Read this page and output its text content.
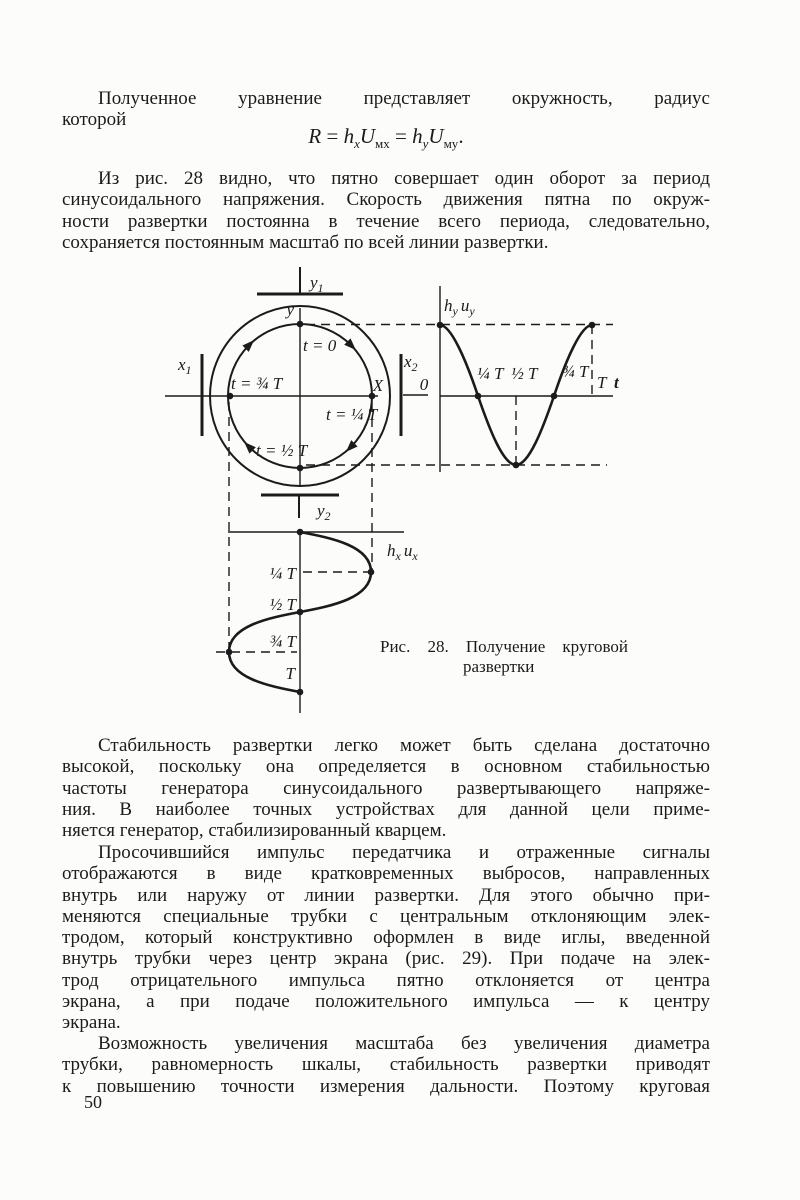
$y_1$
$x_1$	$x_2$
$y_2$
y
X 0
t = 0
t = ¾ T
t = ¼ T
t = ½ T
$h_y$ $u_y$
$h_x$ $u_x$
¼ T ½ T ¾ T
T t
¼ T
½ T
¾ T
T
Полученное уравнение представляет окружность, радиус
которой
$R = h_xU_{мх} = h_yU_{му}$.
Из рис. 28 видно, что пятно совершает один оборот за период
синусоидального напряжения. Скорость движения пятна по окруж-
ности развертки постоянна в течение всего периода, следовательно,
сохраняется постоянным масштаб по всей линии развертки.
Рис. 28. Получение круговой
развертки
Стабильность развертки легко может быть сделана достаточно
высокой, поскольку она определяется в основном стабильностью
частоты генератора синусоидального развертывающего напряже-
ния. В наиболее точных устройствах для данной цели приме-
няется генератор, стабилизированный кварцем.
Просочившийся импульс передатчика и отраженные сигналы
отображаются в виде кратковременных выбросов, направленных
внутрь или наружу от линии развертки. Для этого обычно при-
меняются специальные трубки с центральным отклоняющим элек-
тродом, который конструктивно оформлен в виде иглы, введенной
внутрь трубки через центр экрана (рис. 29). При подаче на элек-
трод отрицательного импульса пятно отклоняется от центра
экрана, а при подаче положительного импульса — к центру
экрана.
Возможность увеличения масштаба без увеличения диаметра
трубки, равномерность шкалы, стабильность развертки приводят
к повышению точности измерения дальности. Поэтому круговая
50
